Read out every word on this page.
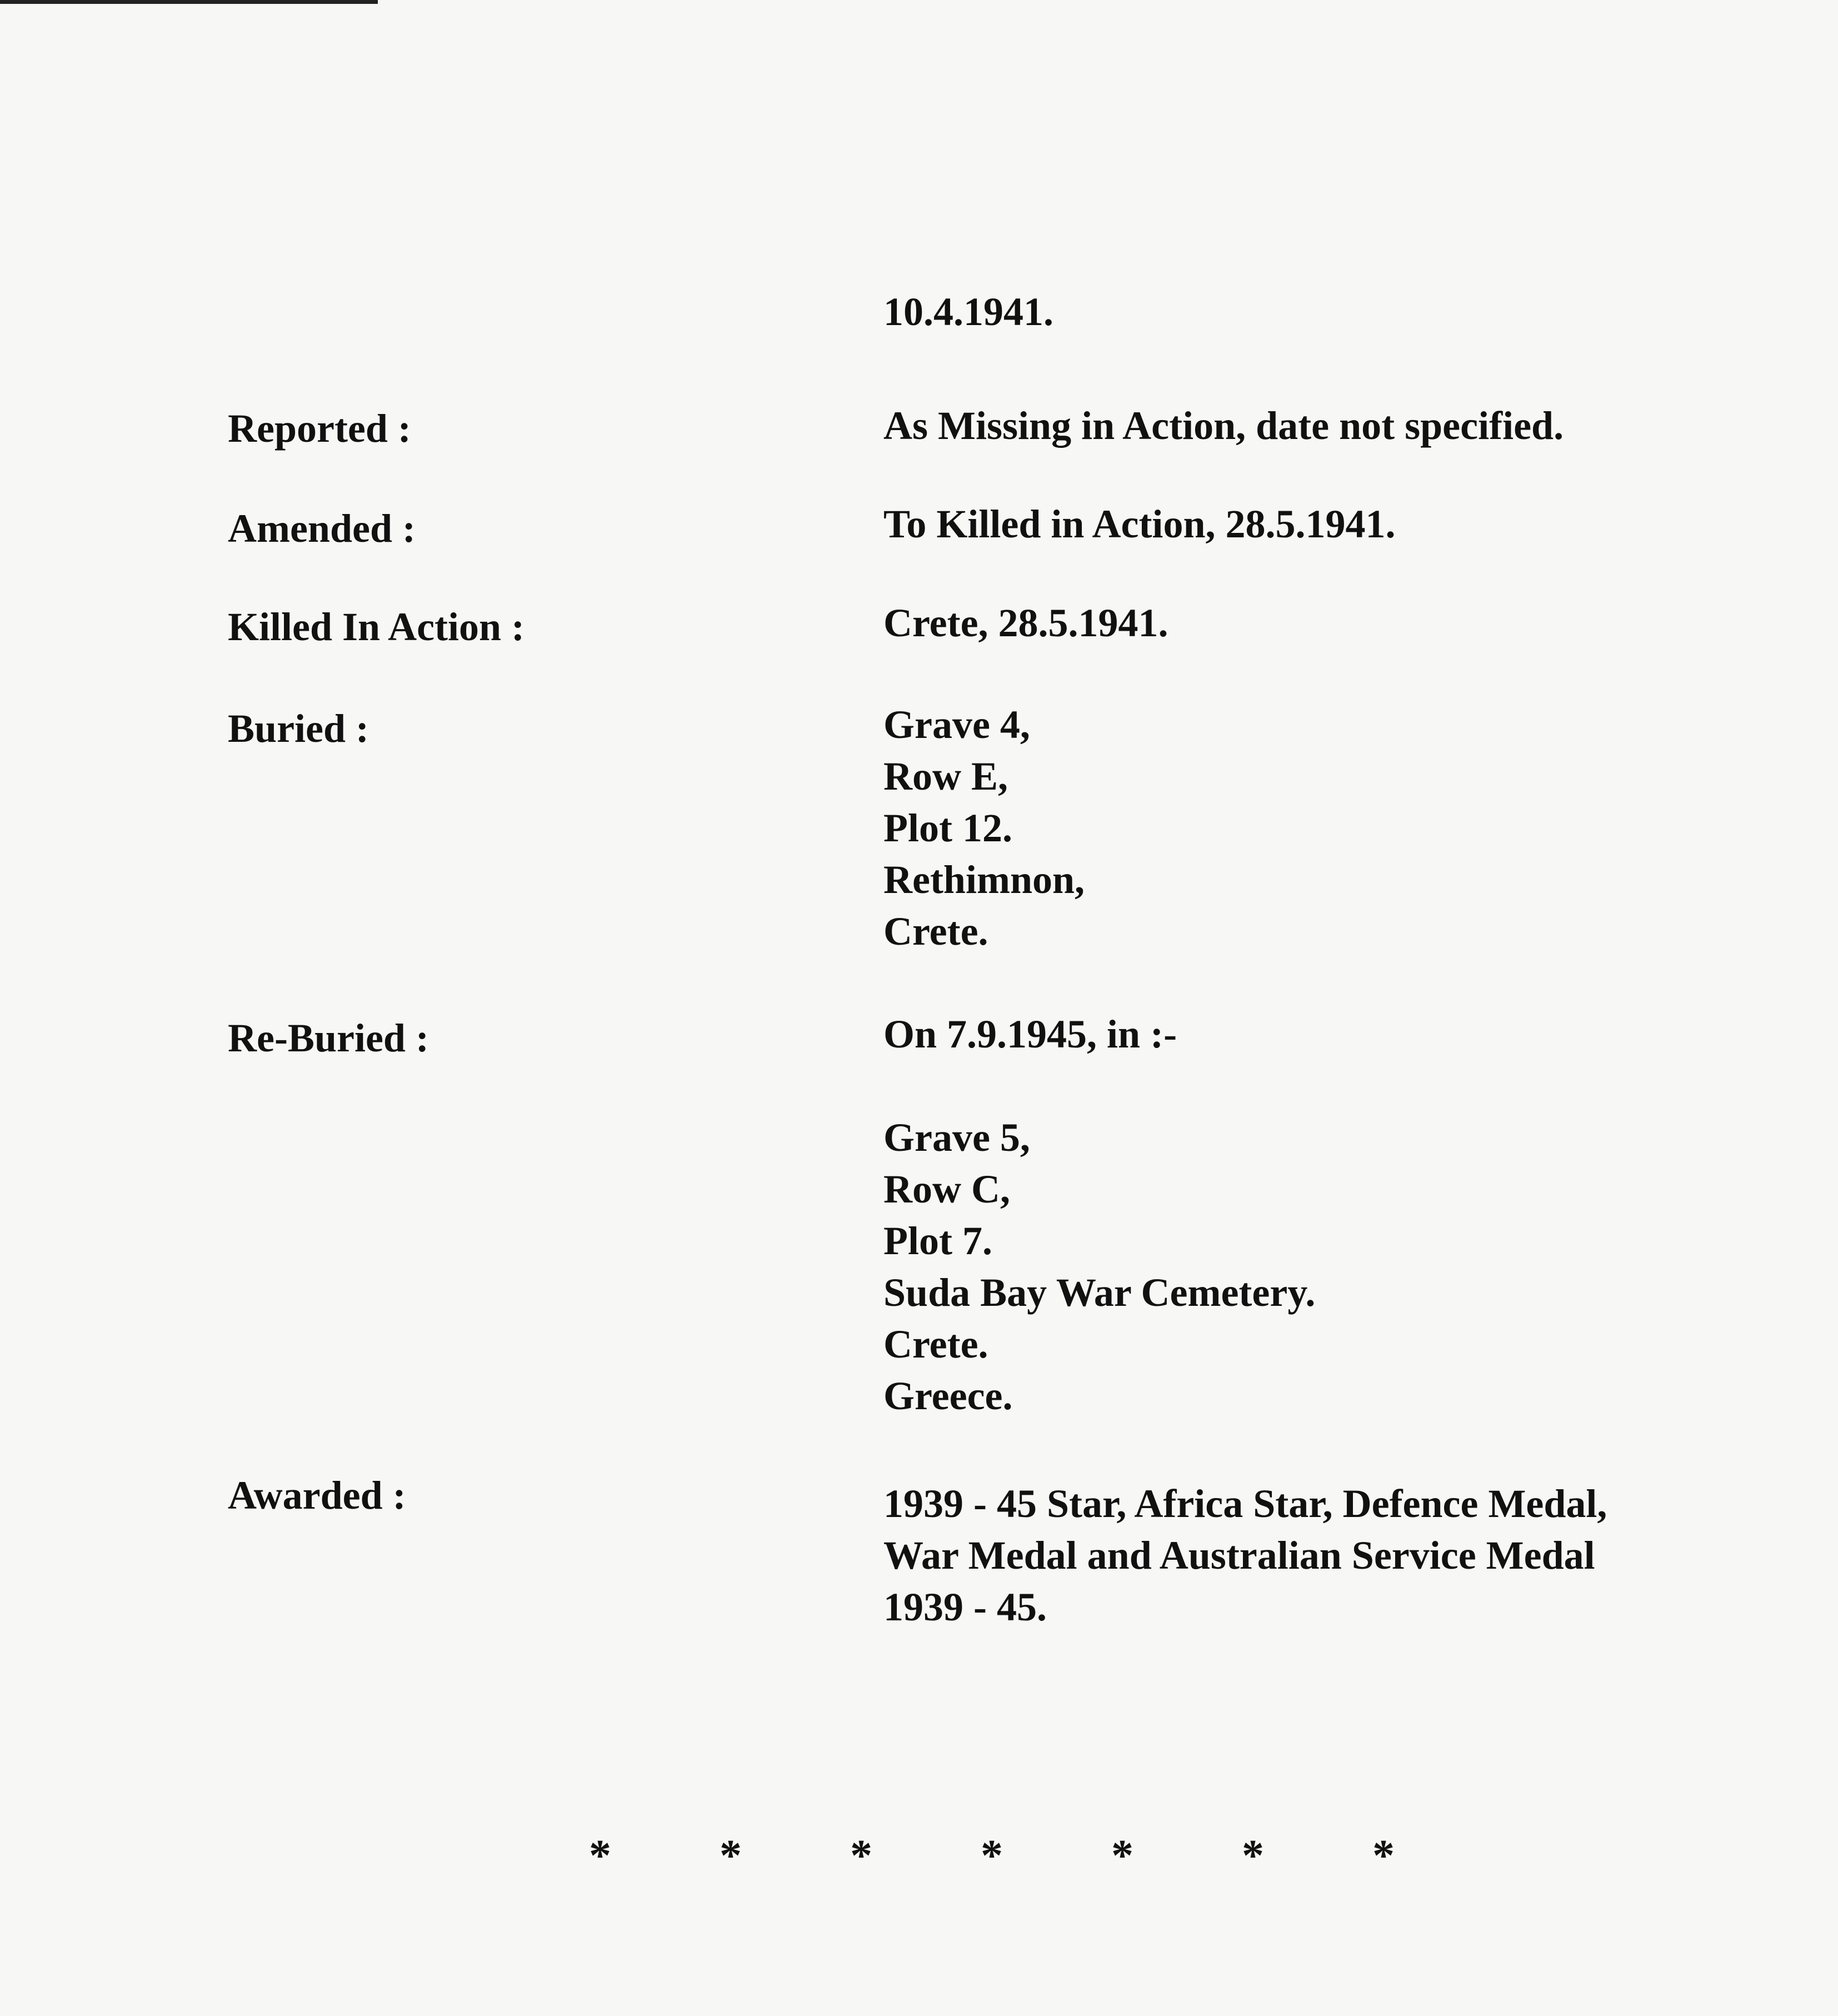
10.4.1941.

Reported :	As Missing in Action, date not specified.

Amended :	To Killed in Action, 28.5.1941.

Killed In Action :	Crete, 28.5.1941.

Buried :	Grave 4,
Row E,
Plot 12.
Rethimnon,
Crete.

Re-Buried :	On 7.9.1945, in :-

Grave 5,
Row C,
Plot 7.
Suda Bay War Cemetery.
Crete.
Greece.

Awarded :	1939 - 45 Star, Africa Star, Defence Medal,
War Medal and Australian Service Medal
1939 - 45.

* * * * * * *
